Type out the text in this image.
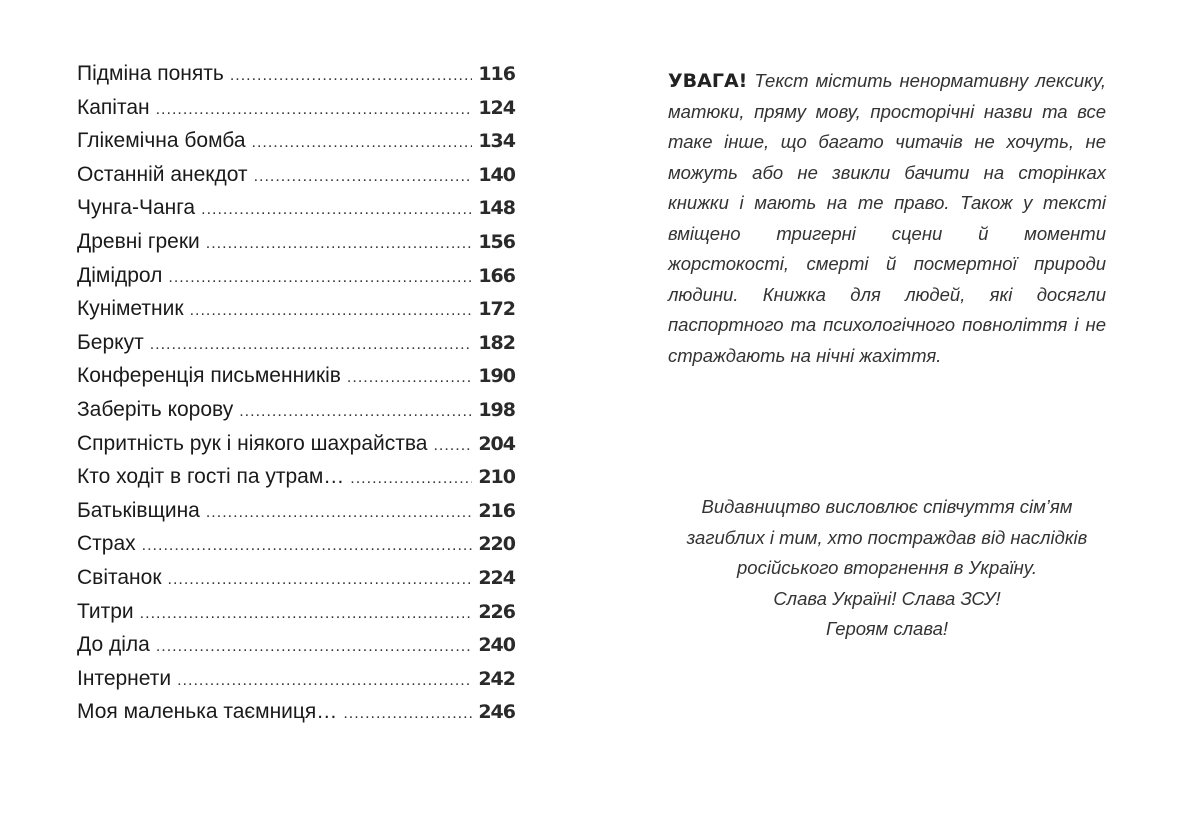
Підміна понять .....	116
Капітан .....	124
Глікемічна бомба .....	134
Останній анекдот .....	140
Чунга-Чанга .....	148
Древні греки .....	156
Дімідрол .....	166
Куніметник .....	172
Беркут .....	182
Конференція письменників .....	190
Заберіть корову .....	198
Спритність рук і ніякого шахрайства .....	204
Кто ходіт в гості па утрам… .....	210
Батьківщина .....	216
Страх .....	220
Світанок .....	224
Титри .....	226
До діла .....	240
Інтернети .....	242
Моя маленька таємниця… .....	246
УВАГА! Текст містить ненормативну лексику, матюки, пряму мову, просторічні назви та все таке інше, що багато читачів не хочуть, не можуть або не звикли бачити на сторінках книжки і мають на те право. Також у тексті вміщено тригерні сцени й моменти жорстокості, смерті й посмертної природи людини. Книжка для людей, які досягли паспортного та психологічного повноліття і не страждають на нічні жахіття.
Видавництво висловлює співчуття сім’ям
загиблих і тим, хто постраждав від наслідків
російського вторгнення в Україну.
Слава Україні! Слава ЗСУ!
Героям слава!
